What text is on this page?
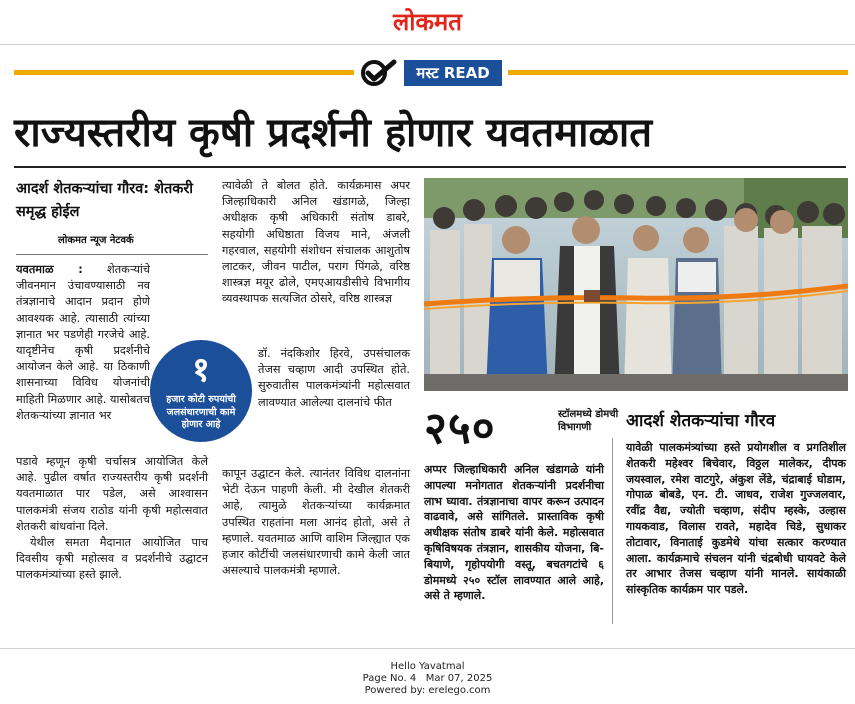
लोकमत
मस्ट READ
राज्यस्तरीय कृषी प्रदर्शनी होणार यवतमाळात
आदर्श शेतकऱ्यांचा गौरव: शेतकरी समृद्ध होईल
लोकमत न्यूज नेटवर्क

यवतमाळ : शेतकऱ्यांचे जीवनमान उंचावण्यासाठी नव तंत्रज्ञानाचे आदान प्रदान होणे आवश्यक आहे. त्यासाठी त्यांच्या ज्ञानात भर पडणेही गरजेचे आहे. यादृष्टीनेच कृषी प्रदर्शनीचे आयोजन केले आहे. या ठिकाणी शासनाच्या विविध योजनांची माहिती मिळणार आहे. यासोबतच शेतकऱ्यांच्या ज्ञानात भर

पडावे म्हणून कृषी चर्चासत्र आयोजित केले आहे. पुढील वर्षात राज्यस्तरीय कृषी प्रदर्शनी यवतमाळात पार पडेल, असे आश्वासन पालकमंत्री संजय राठोड यांनी कृषी महोत्सवात शेतकरी बांधवांना दिले.

येथील समता मैदानात आयोजित पाच दिवसीय कृषी महोत्सव व प्रदर्शनीचे उद्घाटन पालकमंत्र्यांच्या हस्ते झाले.

१
हजार कोटी रुपयांची जलसंधारणाची कामे होणार आहे

त्यावेळी ते बोलत होते. कार्यक्रमास अपर जिल्हाधिकारी अनिल खंडागळे, जिल्हा अधीक्षक कृषी अधिकारी संतोष डाबरे, सहयोगी अधिष्ठाता विजय माने, अंजली गहरवाल, सहयोगी संशोधन संचालक आशुतोष लाटकर, जीवन पाटील, पराग पिंगळे, वरिष्ठ शास्त्रज्ञ मयूर ढोले, एमएआयडीसीचे विभागीय व्यवस्थापक सत्यजित ठोसरे, वरिष्ठ शास्त्रज्ञ

डॉ. नंदकिशोर हिरवे, उपसंचालक तेजस चव्हाण आदी उपस्थित होते. सुरुवातीस पालकमंत्र्यांनी महोत्सवात लावण्यात आलेल्या दालनांचे फीत

कापून उद्घाटन केले. त्यानंतर विविध दालनांना भेटी देऊन पाहणी केली. मी देखील शेतकरी आहे, त्यामुळे शेतकऱ्यांच्या कार्यक्रमात उपस्थित राहतांना मला आनंद होतो, असे ते म्हणाले. यवतमाळ आणि वाशिम जिल्ह्यात एक हजार कोटींची जलसंधारणाची कामे केली जात असल्याचे पालकमंत्री म्हणाले.

२५०	स्टॉलमध्ये डोमची विभागणी

अप्पर जिल्हाधिकारी अनिल खंडागळे यांनी आपल्या मनोगतात शेतकऱ्यांनी प्रदर्शनीचा लाभ घ्यावा. तंत्रज्ञानाचा वापर करून उत्पादन वाढवावे, असे सांगितले. प्रास्ताविक कृषी अधीक्षक संतोष डाबरे यांनी केले. महोत्सवात कृषिविषयक तंत्रज्ञान, शासकीय योजना, बि-बियाणे, गृहोपयोगी वस्तू, बचतगटांचे ६ डोममध्ये २५० स्टॉल लावण्यात आले आहे, असे ते म्हणाले.

आदर्श शेतकऱ्यांचा गौरव

यावेळी पालकमंत्र्यांच्या हस्ते प्रयोगशील व प्रगतिशील शेतकरी महेश्वर बिचेवार, विठ्ठल मालेकर, दीपक जयस्वाल, रमेश वाटगुरे, अंकुश लेंडे, चंद्राबाई घोडाम, गोपाळ बोबडे, एन. टी. जाधव, राजेश गुज्जलवार, रवींद्र वैद्य, ज्योती चव्हाण, संदीप म्हस्के, उल्हास गायकवाड, विलास रावते, महादेव चिडे, सुधाकर तोटावार, विनाताई कुडमेथे यांचा सत्कार करण्यात आला. कार्यक्रमाचे संचलन यांनी चंद्रबोधी घायवटे केले तर आभार तेजस चव्हाण यांनी मानले. सायंकाळी सांस्कृतिक कार्यक्रम पार पडले.

Hello Yavatmal
Page No. 4 Mar 07, 2025
Powered by: erelego.com
